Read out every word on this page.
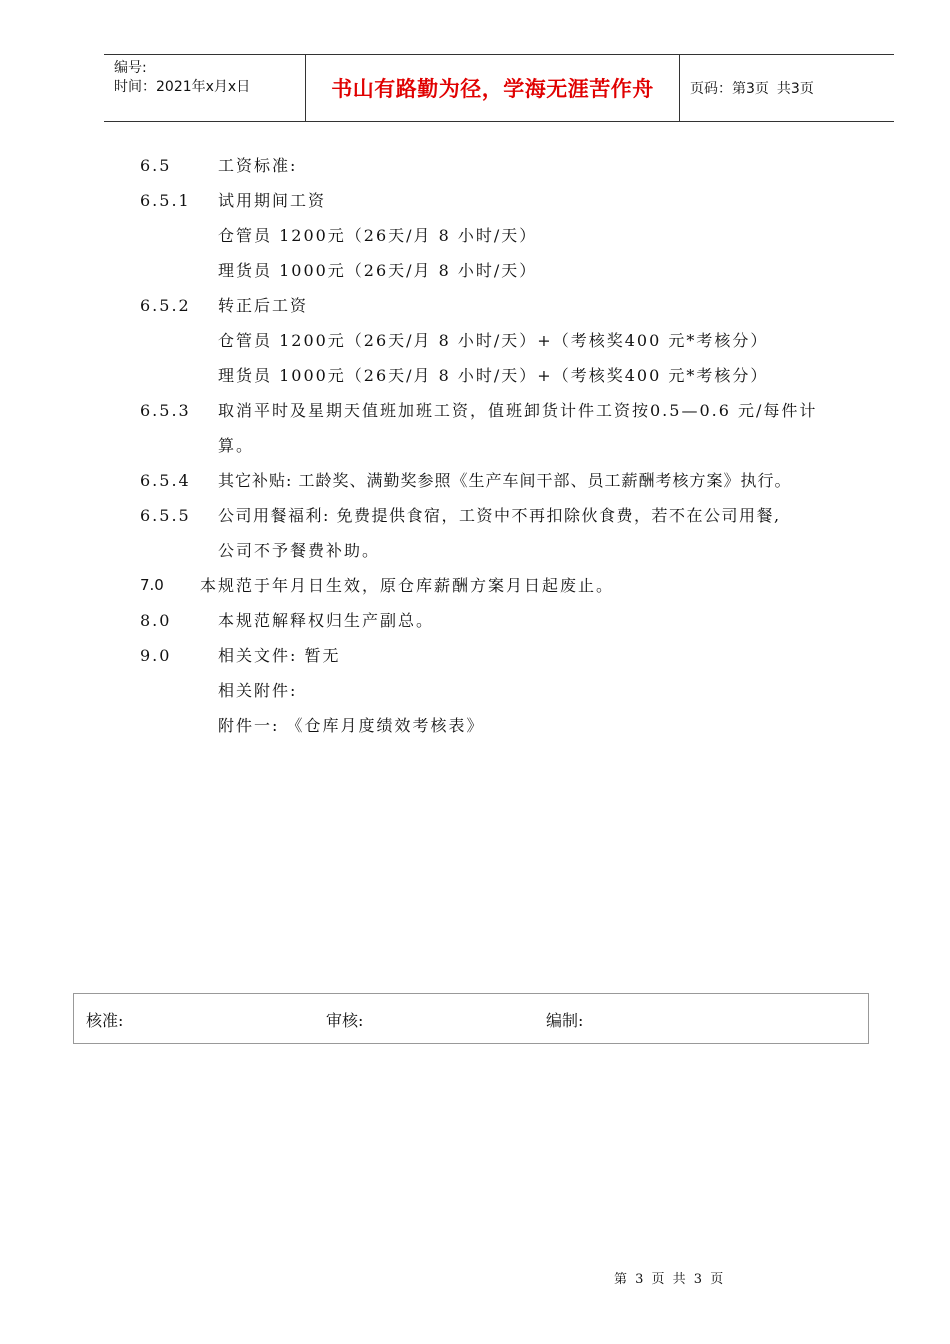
编号:
时间：2021年x月x日	书山有路勤为径，学海无涯苦作舟	页码：第3页 共3页
6.5	工资标准:
6.5.1 试用期间工资
仓管员 1200元（26天/月 8 小时/天）
理货员 1000元（26天/月 8 小时/天）
6.5.2 转正后工资
仓管员 1200元（26天/月 8 小时/天）+（考核奖400 元*考核分）
理货员 1000元（26天/月 8 小时/天）+（考核奖400 元*考核分）
6.5.3 取消平时及星期天值班加班工资，值班卸货计件工资按0.5—0.6 元/每件计
算。
6.5.4 其它补贴: 工龄奖、满勤奖参照《生产车间干部、员工薪酬考核方案》执行。
6.5.5 公司用餐福利: 免费提供食宿，工资中不再扣除伙食费，若不在公司用餐,
公司不予餐费补助。
7.0 本规范于年月日生效，原仓库薪酬方案月日起废止。
8.0	本规范解释权归生产副总。
9.0	相关文件: 暂无
相关附件:
附件一: 《仓库月度绩效考核表》
核准:	审核:	编制:
第 3 页 共 3 页
